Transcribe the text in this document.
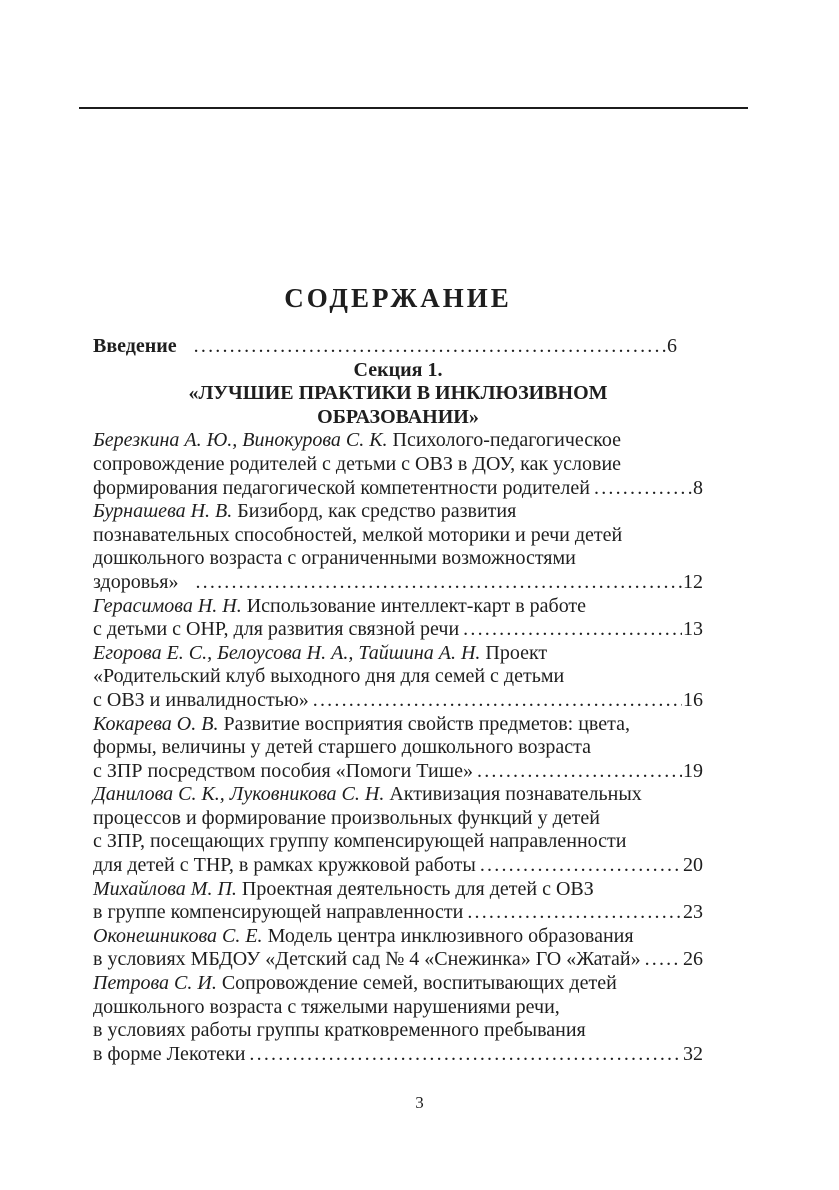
СОДЕРЖАНИЕ
Введение .....	6
Секция 1.
«ЛУЧШИЕ ПРАКТИКИ В ИНКЛЮЗИВНОМ
ОБРАЗОВАНИИ»
Березкина А. Ю., Винокурова С. К. Психолого-педагогическое
сопровождение родителей с детьми с ОВЗ в ДОУ, как условие
формирования педагогической компетентности родителей .....	8
Бурнашева Н. В. Бизиборд, как средство развития
познавательных способностей, мелкой моторики и речи детей
дошкольного возраста с ограниченными возможностями
здоровья» .....	12
Герасимова Н. Н. Использование интеллект-карт в работе
с детьми с ОНР, для развития связной речи .....	13
Егорова Е. С., Белоусова Н. А., Тайшина А. Н. Проект
«Родительский клуб выходного дня для семей с детьми
с ОВЗ и инвалидностью» .....	16
Кокарева О. В. Развитие восприятия свойств предметов: цвета,
формы, величины у детей старшего дошкольного возраста
с ЗПР посредством пособия «Помоги Тише» .....	19
Данилова С. К., Луковникова С. Н. Активизация познавательных
процессов и формирование произвольных функций у детей
с ЗПР, посещающих группу компенсирующей направленности
для детей с ТНР, в рамках кружковой работы .....	20
Михайлова М. П. Проектная деятельность для детей с ОВЗ
в группе компенсирующей направленности .....	23
Оконешникова С. Е. Модель центра инклюзивного образования
в условиях МБДОУ «Детский сад № 4 «Снежинка» ГО «Жатай» ..... 26
Петрова С. И. Сопровождение семей, воспитывающих детей
дошкольного возраста с тяжелыми нарушениями речи,
в условиях работы группы кратковременного пребывания
в форме Лекотеки .....	32
3
